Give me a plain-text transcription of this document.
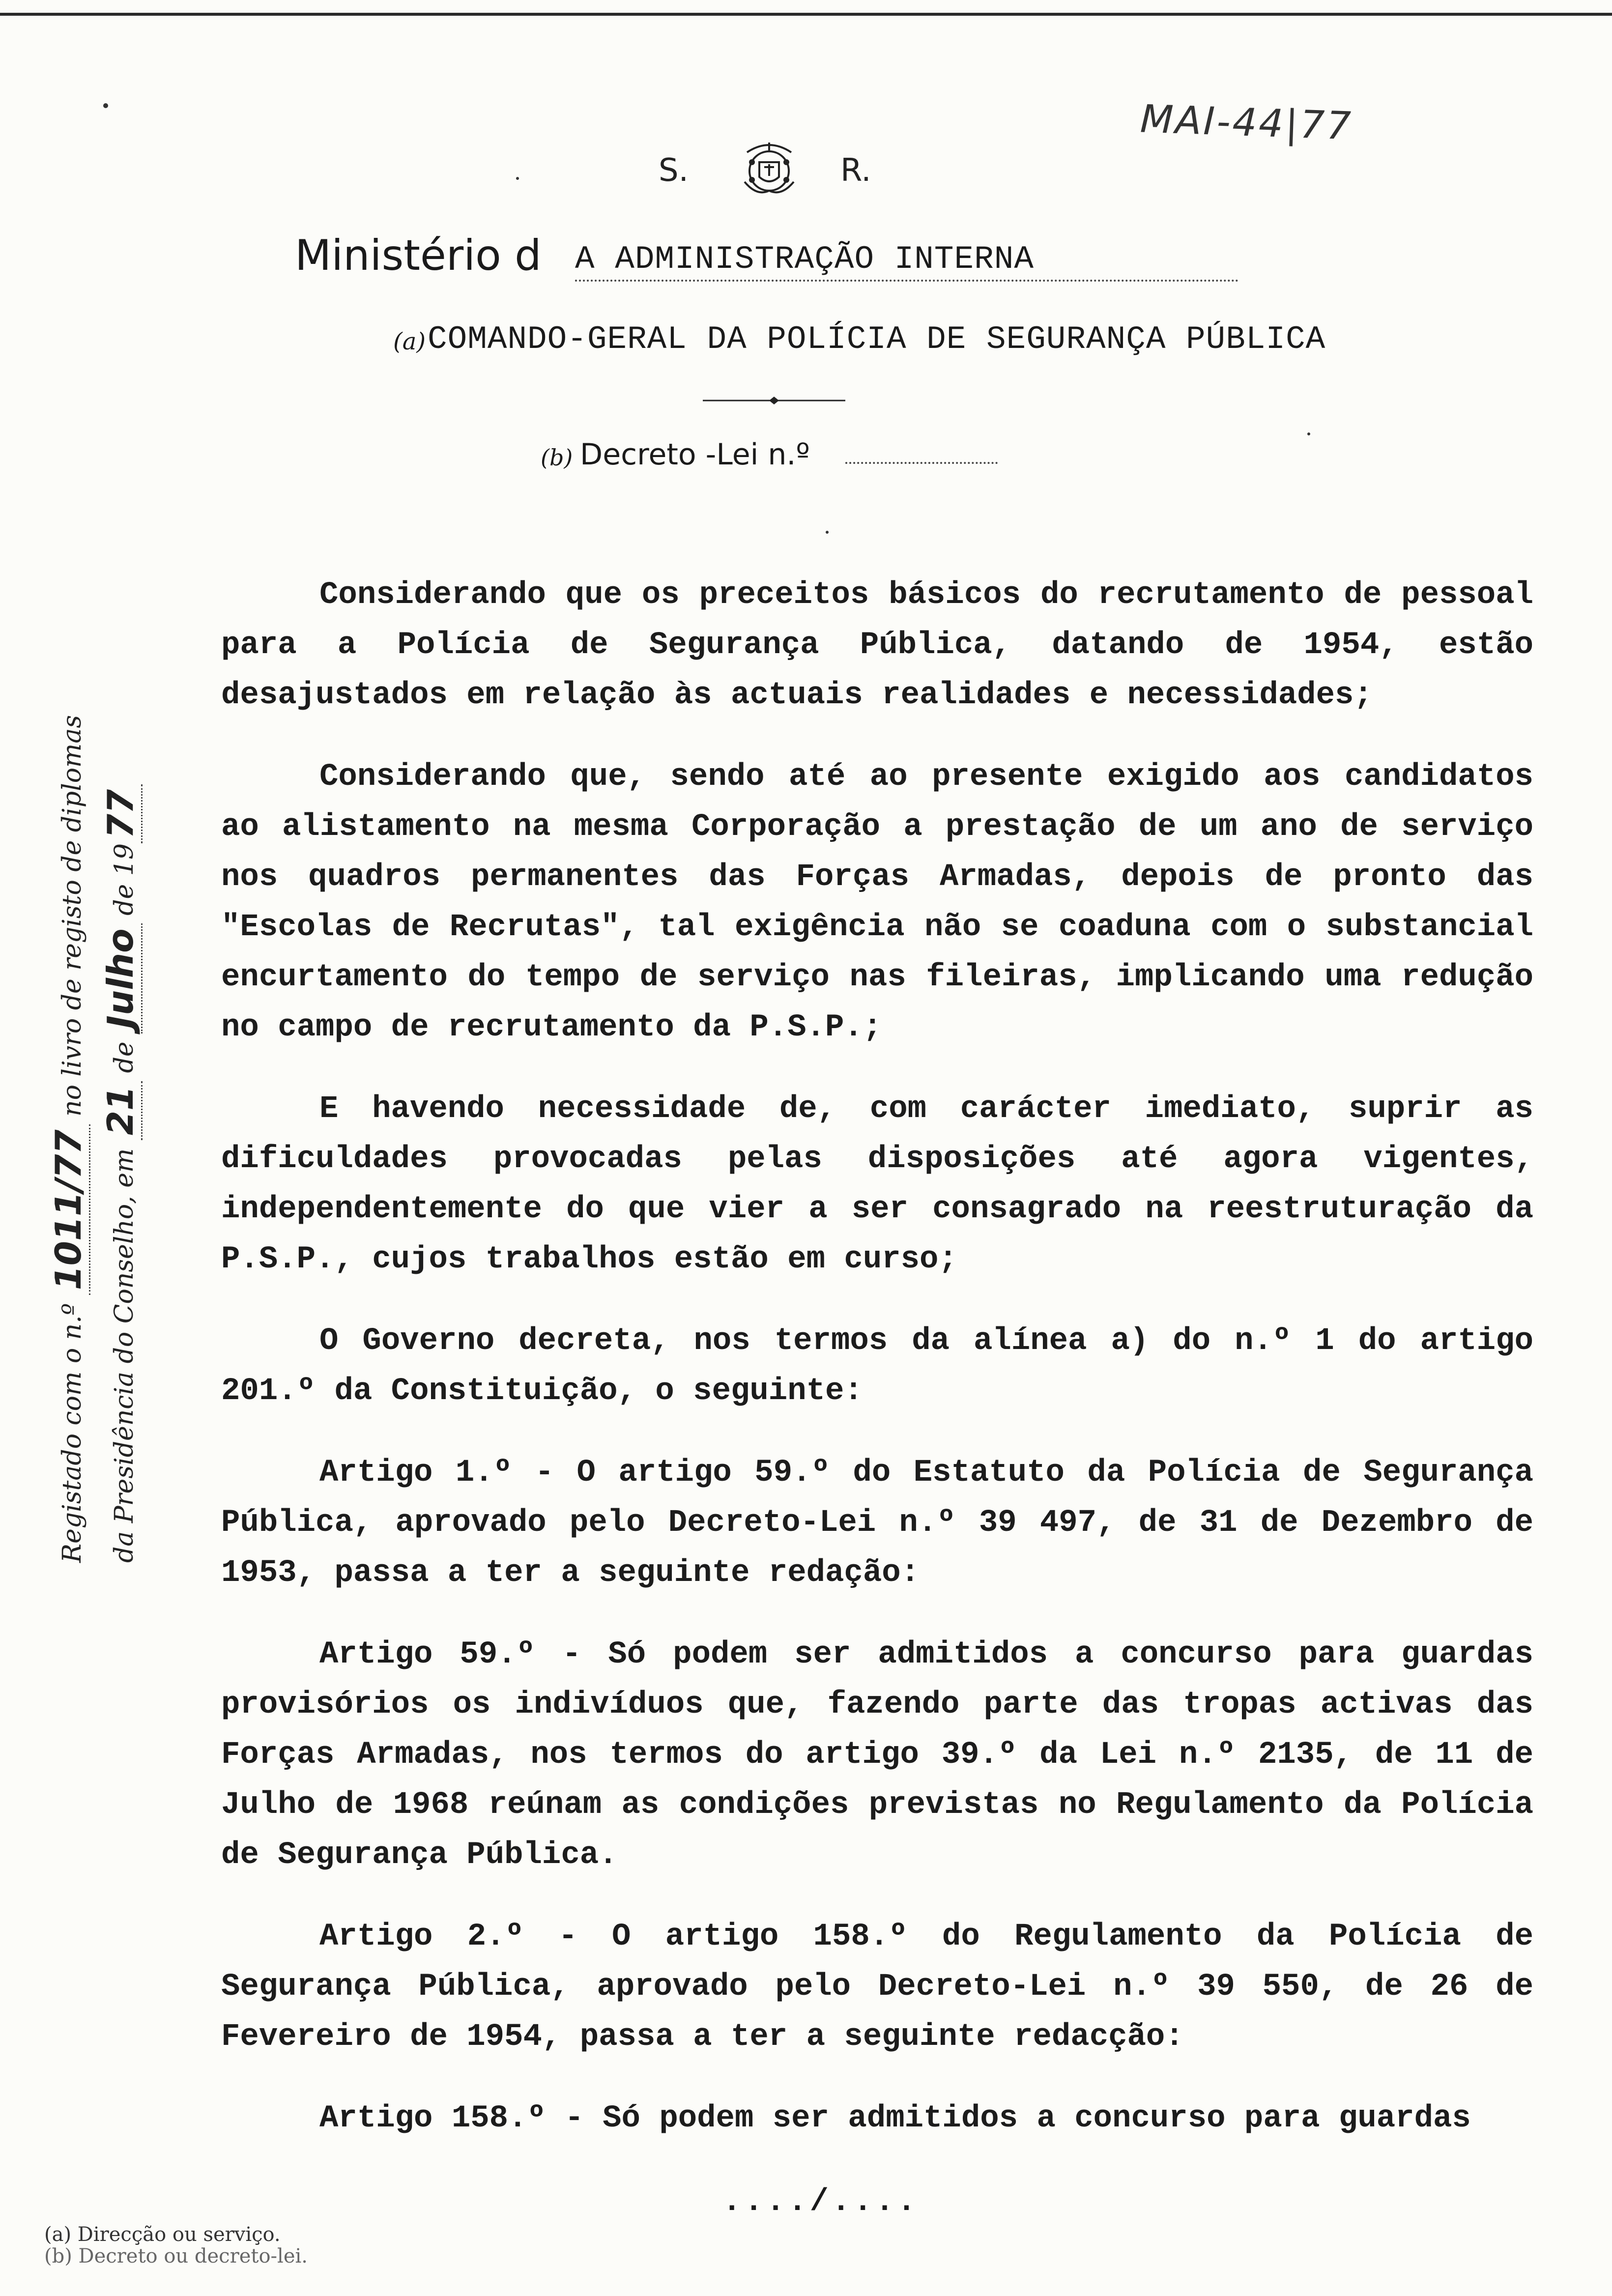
MAI-44|77
S.	R.
Ministério d A ADMINISTRAÇÃO INTERNA
(a) COMANDO-GERAL DA POLÍCIA DE SEGURANÇA PÚBLICA
(b) Decreto -Lei n.º

Considerando que os preceitos básicos do recrutamento de pessoal para a Polícia de Segurança Pública, datando de 1954, estão desajustados em relação às actuais realidades e necessidades;

Considerando que, sendo até ao presente exigido aos candidatos ao alistamento na mesma Corporação a prestação de um ano de serviço nos quadros permanentes das Forças Armadas, depois de pronto das "Escolas de Recrutas", tal exigência não se coaduna com o substancial encurtamento do tempo de serviço nas fileiras, implicando uma redução no campo de recrutamento da P.S.P.;

E havendo necessidade de, com carácter imediato, suprir as dificuldades provocadas pelas disposições até agora vigentes, independentemente do que vier a ser consagrado na reestruturação da P.S.P., cujos trabalhos estão em curso;

O Governo decreta, nos termos da alínea a) do n.º 1 do artigo 201.º da Constituição, o seguinte:

Artigo 1.º - O artigo 59.º do Estatuto da Polícia de Segurança Pública, aprovado pelo Decreto-Lei n.º 39 497, de 31 de Dezembro de 1953, passa a ter a seguinte redação:

Artigo 59.º - Só podem ser admitidos a concurso para guardas provisórios os indivíduos que, fazendo parte das tropas activas das Forças Armadas, nos termos do artigo 39.º da Lei n.º 2135, de 11 de Julho de 1968 reúnam as condições previstas no Regulamento da Polícia de Segurança Pública.

Artigo 2.º - O artigo 158.º do Regulamento da Polícia de Segurança Pública, aprovado pelo Decreto-Lei n.º 39 550, de 26 de Fevereiro de 1954, passa a ter a seguinte redacção:

Artigo 158.º - Só podem ser admitidos a concurso para guardas

Registado com o n.º 1011/77 no livro de registo de diplomas
da Presidência do Conselho, em 21 de Julho de 1977
..../....
(a) Direcção ou serviço.
(b) Decreto ou decreto-lei.
